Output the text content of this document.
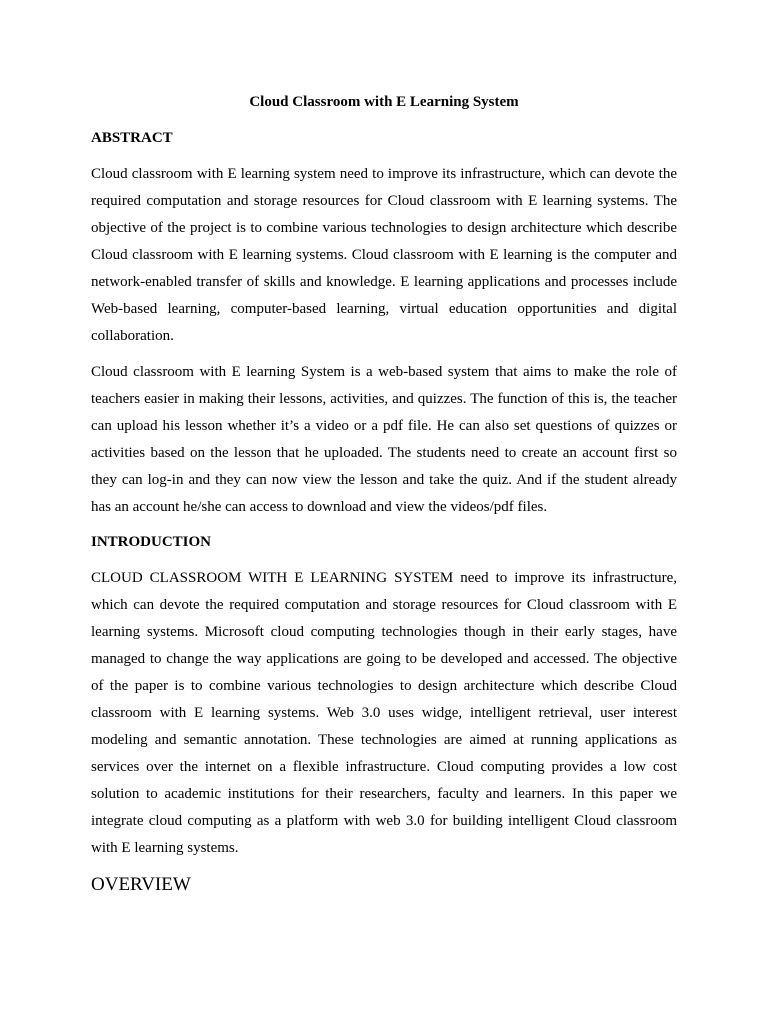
Cloud Classroom with E Learning System
ABSTRACT

Cloud classroom with E learning system need to improve its infrastructure, which can devote the required computation and storage resources for Cloud classroom with E learning systems. The objective of the project is to combine various technologies to design architecture which describe Cloud classroom with E learning systems. Cloud classroom with E learning is the computer and network-enabled transfer of skills and knowledge. E learning applications and processes include Web-based learning, computer-based learning, virtual education opportunities and digital collaboration.

Cloud classroom with E learning System is a web-based system that aims to make the role of teachers easier in making their lessons, activities, and quizzes. The function of this is, the teacher can upload his lesson whether it’s a video or a pdf file. He can also set questions of quizzes or activities based on the lesson that he uploaded. The students need to create an account first so they can log-in and they can now view the lesson and take the quiz. And if the student already has an account he/she can access to download and view the videos/pdf files.

INTRODUCTION

CLOUD CLASSROOM WITH E LEARNING SYSTEM need to improve its infrastructure, which can devote the required computation and storage resources for Cloud classroom with E learning systems. Microsoft cloud computing technologies though in their early stages, have managed to change the way applications are going to be developed and accessed. The objective of the paper is to combine various technologies to design architecture which describe Cloud classroom with E learning systems. Web 3.0 uses widge, intelligent retrieval, user interest modeling and semantic annotation. These technologies are aimed at running applications as services over the internet on a flexible infrastructure. Cloud computing provides a low cost solution to academic institutions for their researchers, faculty and learners. In this paper we integrate cloud computing as a platform with web 3.0 for building intelligent Cloud classroom with E learning systems.

OVERVIEW
